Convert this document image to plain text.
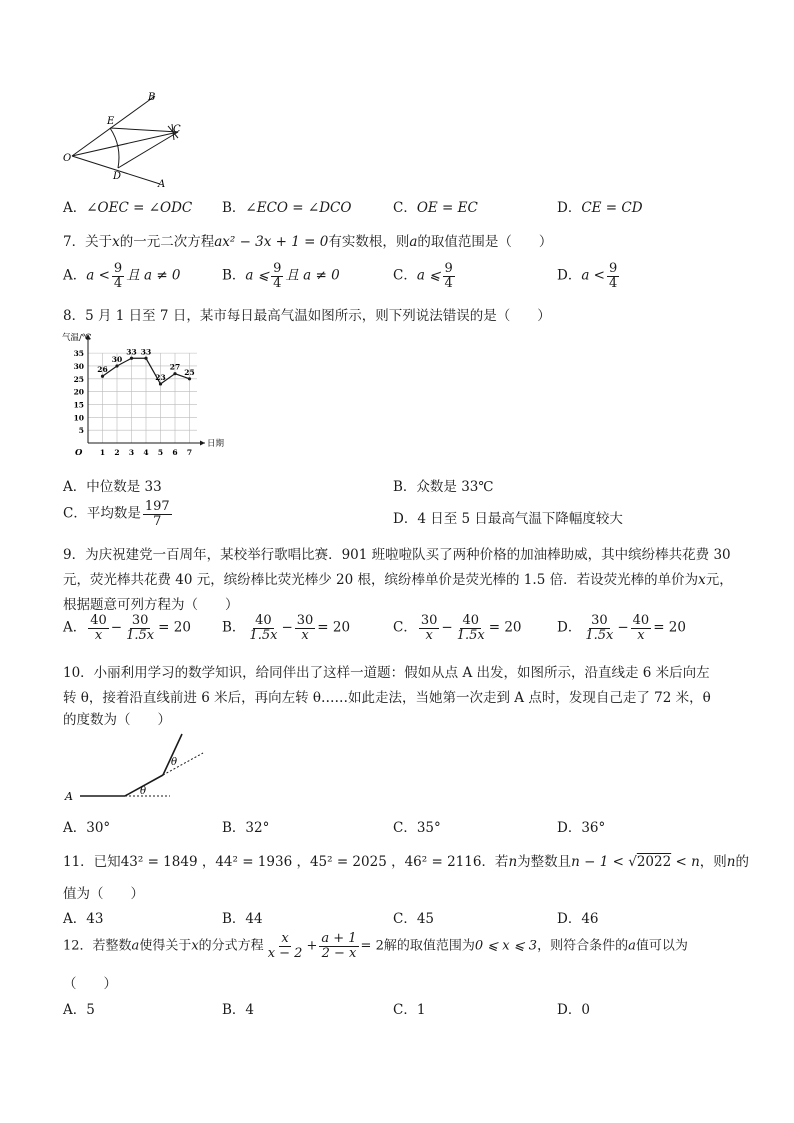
B
E
C
O
D
A
A．∠OEC = ∠ODC B．∠ECO = ∠DCO	C．OE = EC	D．CE = CD
7．关于x的一元二次方程ax² − 3x + 1 = 0有实数根，则a的取值范围是（　　）
A．$a < \frac{9}{4}$ 且 a ≠ 0	B．a ⩽ $\frac{9}{4}$ 且 a ≠ 0	C．a ⩽ $\frac{9}{4}$	D．$a < \frac{9}{4}$
8．5 月 1 日至 7 日，某市每日最高气温如图所示，则下列说法错误的是（　　）
气温/℃
日期
O
5
10
15
20
25
30
35
1 2 3 4 5 6 7
26
30
33 33
23
27
25
A．中位数是 33	B．众数是 33℃
C．平均数是 $\frac{197}{7}$	D．4 日至 5 日最高气温下降幅度较大
9．为庆祝建党一百周年，某校举行歌唱比赛．901 班啦啦队买了两种价格的加油棒助威，其中缤纷棒共花费 30
元，荧光棒共花费 40 元，缤纷棒比荧光棒少 20 根，缤纷棒单价是荧光棒的 1.5 倍．若设荧光棒的单价为x元，
根据题意可列方程为（　　）
A． $\frac{40}{x} - \frac{30}{1.5x} = 20$ B． $\frac{40}{1.5x} - \frac{30}{x} = 20$	C． $\frac{30}{x} - \frac{40}{1.5x} = 20$	D． $\frac{30}{1.5x} - \frac{40}{x} = 20$
10．小丽利用学习的数学知识，给同伴出了这样一道题：假如从点 A 出发，如图所示，沿直线走 6 米后向左
转 θ，接着沿直线前进 6 米后，再向左转 θ……如此走法，当她第一次走到 A 点时，发现自己走了 72 米，θ
的度数为（　　）
A	θ
θ
A．30°	B．32°	C．35°	D．36°
11．已知43² = 1849 ，44² = 1936 ，45² = 2025 ，46² = 2116．若n为整数且n − 1 < √2022 < n，则n的
值为（　　）
A．43	B．44	C．45	D．46
12．若整数a使得关于x的分式方程 $\frac{x}{x - 2} + \frac{a + 1}{2 - x} = 2$解的取值范围为0 ⩽ x ⩽ 3，则符合条件的a值可以为
（　　）
A．5	B．4	C．1	D．0
